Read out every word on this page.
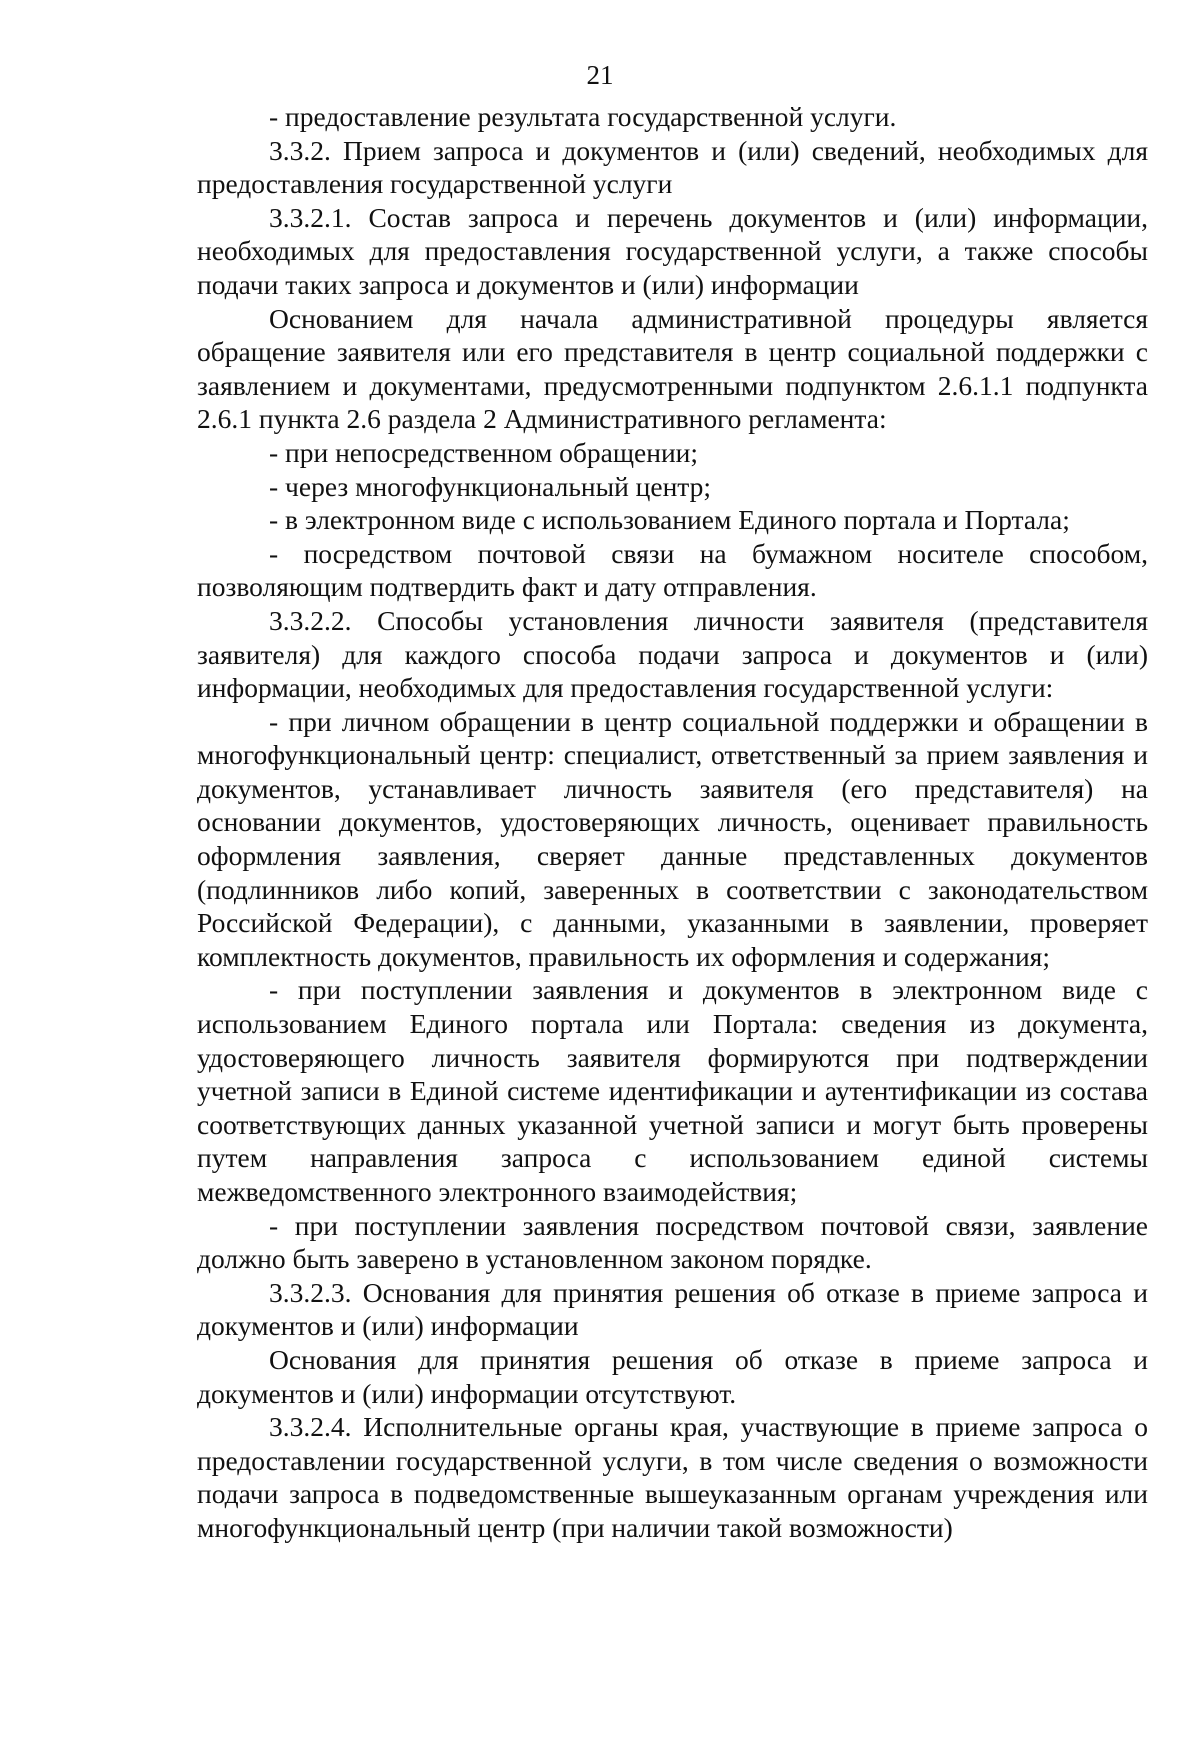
21

- предоставление результата государственной услуги.

3.3.2. Прием запроса и документов и (или) сведений, необходимых для предоставления государственной услуги

3.3.2.1. Состав запроса и перечень документов и (или) информации, необходимых для предоставления государственной услуги, а также способы подачи таких запроса и документов и (или) информации

Основанием для начала административной процедуры является обращение заявителя или его представителя в центр социальной поддержки с заявлением и документами, предусмотренными подпунктом 2.6.1.1 подпункта 2.6.1 пункта 2.6 раздела 2 Административного регламента:

- при непосредственном обращении;

- через многофункциональный центр;

- в электронном виде с использованием Единого портала и Портала;

- посредством почтовой связи на бумажном носителе способом, позволяющим подтвердить факт и дату отправления.

3.3.2.2. Способы установления личности заявителя (представителя заявителя) для каждого способа подачи запроса и документов и (или) информации, необходимых для предоставления государственной услуги:

- при личном обращении в центр социальной поддержки и обращении в многофункциональный центр: специалист, ответственный за прием заявления и документов, устанавливает личность заявителя (его представителя) на основании документов, удостоверяющих личность, оценивает правильность оформления заявления, сверяет данные представленных документов (подлинников либо копий, заверенных в соответствии с законодательством Российской Федерации), с данными, указанными в заявлении, проверяет комплектность документов, правильность их оформления и содержания;

- при поступлении заявления и документов в электронном виде с использованием Единого портала или Портала: сведения из документа, удостоверяющего личность заявителя формируются при подтверждении учетной записи в Единой системе идентификации и аутентификации из состава соответствующих данных указанной учетной записи и могут быть проверены путем направления запроса с использованием единой системы межведомственного электронного взаимодействия;

- при поступлении заявления посредством почтовой связи, заявление должно быть заверено в установленном законом порядке.

3.3.2.3. Основания для принятия решения об отказе в приеме запроса и документов и (или) информации

Основания для принятия решения об отказе в приеме запроса и документов и (или) информации отсутствуют.

3.3.2.4. Исполнительные органы края, участвующие в приеме запроса о предоставлении государственной услуги, в том числе сведения о возможности подачи запроса в подведомственные вышеуказанным органам учреждения или многофункциональный центр (при наличии такой возможности)
